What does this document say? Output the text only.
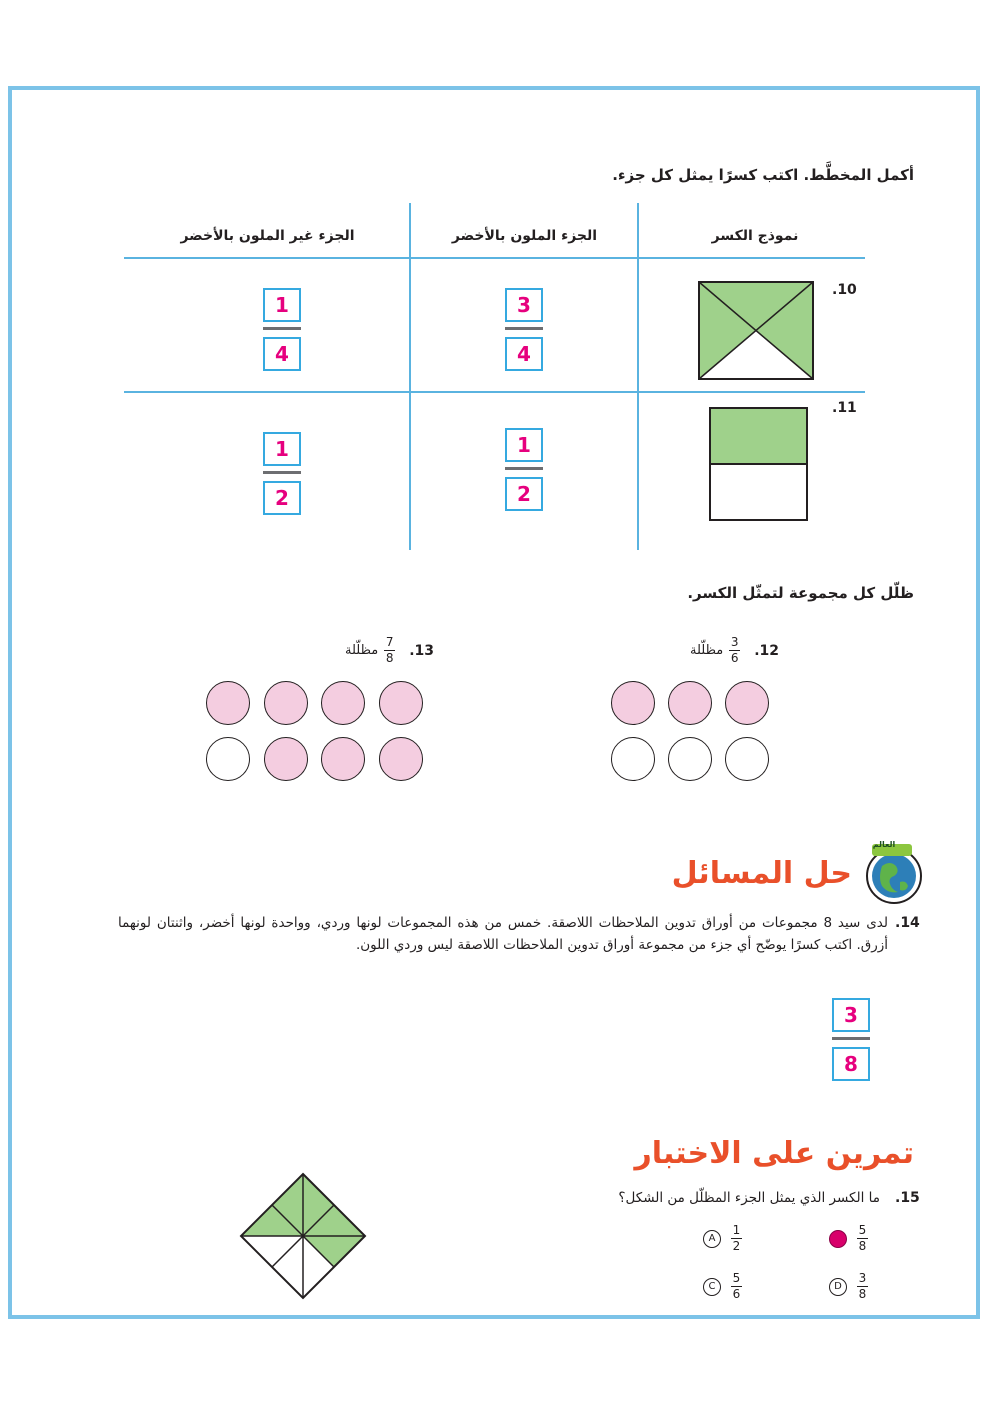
أكمل المخطَّط. اكتب كسرًا يمثل كل جزء.
نموذج الكسر
الجزء الملون بالأخضر
الجزء غير الملون بالأخضر
.10
3
4
1
4
.11
1
2
1
2
ظلّل كل مجموعة لتمثّل الكسر.
مظلّلة
3
6 .12
مظلّلة
7
8 .13
العالم
حل المسائل
.14
لدى سيد 8 مجموعات من أوراق تدوين الملاحظات اللاصقة. خمس من هذه المجموعات لونها وردي، وواحدة لونها أخضر، واثنتان لونهما أزرق. اكتب كسرًا يوضّح أي جزء من مجموعة أوراق تدوين الملاحظات اللاصقة ليس وردي اللون.
3
8
تمرين على الاختبار
.15
ما الكسر الذي يمثل الجزء المظلّل من الشكل؟
A
1
2
5
8
C
5
6
D
3
8
